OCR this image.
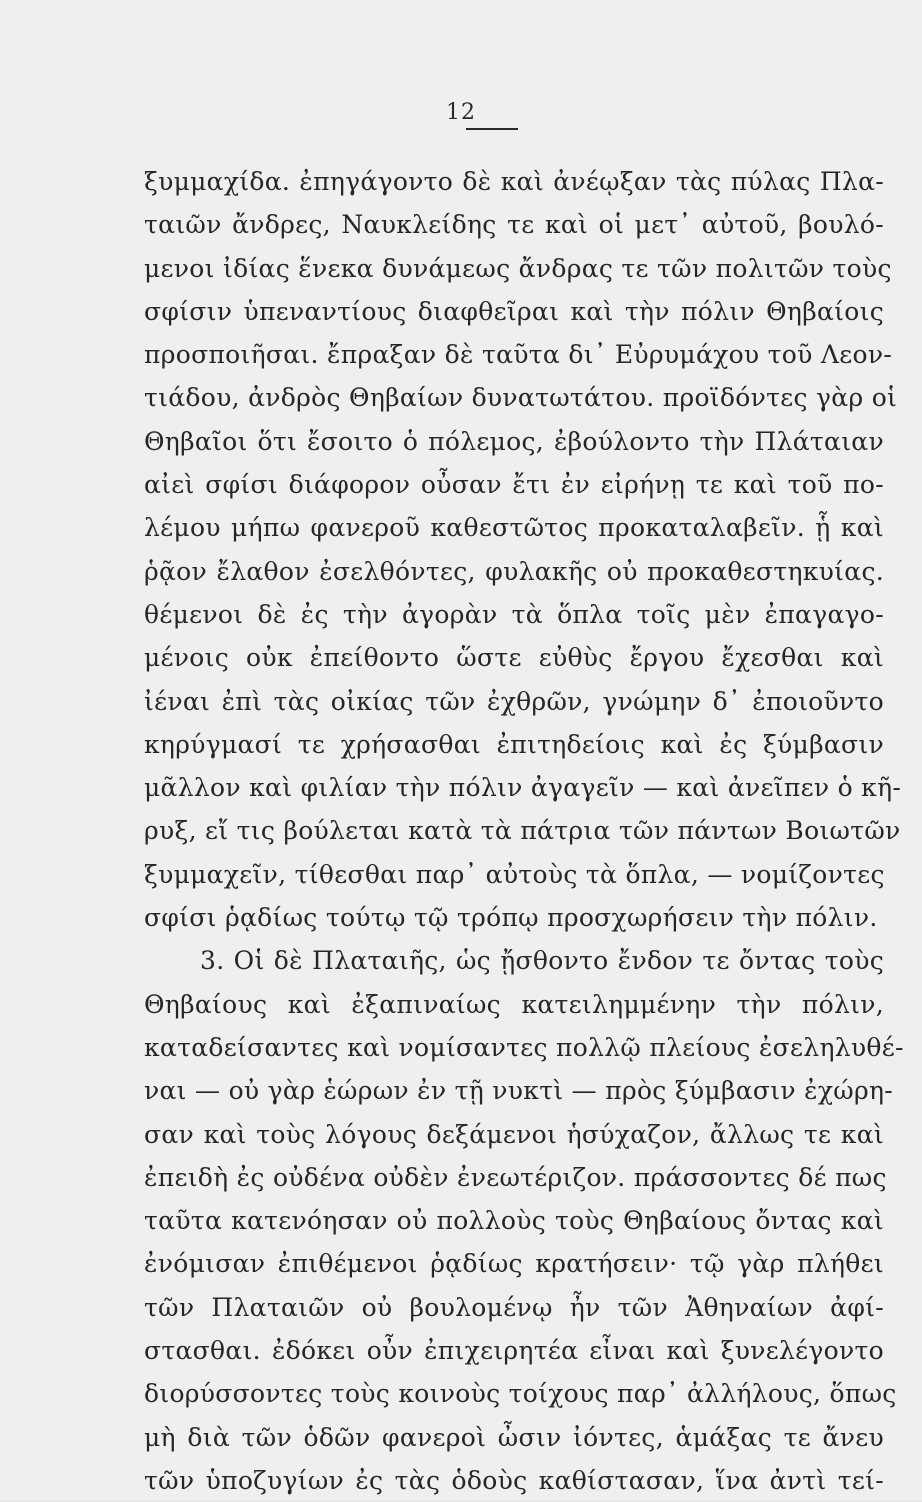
12
ξυμμαχίδα. ἐπηγάγοντο δὲ καὶ ἀνέῳξαν τὰς πύλας Πλα-
ταιῶν ἄνδρες, Ναυκλείδης τε καὶ οἱ μετ᾽ αὐτοῦ, βουλό-
μενοι ἰδίας ἕνεκα δυνάμεως ἄνδρας τε τῶν πολιτῶν τοὺς
σφίσιν ὑπεναντίους διαφθεῖραι καὶ τὴν πόλιν Θηβαίοις
προσποιῆσαι. ἔπραξαν δὲ ταῦτα δι᾽ Εὐρυμάχου τοῦ Λεον-
τιάδου, ἀνδρὸς Θηβαίων δυνατωτάτου. προϊδόντες γὰρ οἱ
Θηβαῖοι ὅτι ἔσοιτο ὁ πόλεμος, ἐβούλοντο τὴν Πλάταιαν
αἰεὶ σφίσι διάφορον οὖσαν ἔτι ἐν εἰρήνῃ τε καὶ τοῦ πο-
λέμου μήπω φανεροῦ καθεστῶτος προκαταλαβεῖν. ᾗ καὶ
ῥᾷον ἔλαθον ἐσελθόντες, φυλακῆς οὐ προκαθεστηκυίας.
θέμενοι δὲ ἐς τὴν ἀγορὰν τὰ ὅπλα τοῖς μὲν ἐπαγαγο-
μένοις οὐκ ἐπείθοντο ὥστε εὐθὺς ἔργου ἔχεσθαι καὶ
ἰέναι ἐπὶ τὰς οἰκίας τῶν ἐχθρῶν, γνώμην δ᾽ ἐποιοῦντο
κηρύγμασί τε χρήσασθαι ἐπιτηδείοις καὶ ἐς ξύμβασιν
μᾶλλον καὶ φιλίαν τὴν πόλιν ἀγαγεῖν — καὶ ἀνεῖπεν ὁ κῆ-
ρυξ, εἴ τις βούλεται κατὰ τὰ πάτρια τῶν πάντων Βοιωτῶν
ξυμμαχεῖν, τίθεσθαι παρ᾽ αὐτοὺς τὰ ὅπλα, — νομίζοντες
σφίσι ῥᾳδίως τούτῳ τῷ τρόπῳ προσχωρήσειν τὴν πόλιν.
3. Οἱ δὲ Πλαταιῆς, ὡς ᾔσθοντο ἔνδον τε ὄντας τοὺς
Θηβαίους καὶ ἐξαπιναίως κατειλημμένην τὴν πόλιν,
καταδείσαντες καὶ νομίσαντες πολλῷ πλείους ἐσεληλυθέ-
ναι — οὐ γὰρ ἑώρων ἐν τῇ νυκτὶ — πρὸς ξύμβασιν ἐχώρη-
σαν καὶ τοὺς λόγους δεξάμενοι ἡσύχαζον, ἄλλως τε καὶ
ἐπειδὴ ἐς οὐδένα οὐδὲν ἐνεωτέριζον. πράσσοντες δέ πως
ταῦτα κατενόησαν οὐ πολλοὺς τοὺς Θηβαίους ὄντας καὶ
ἐνόμισαν ἐπιθέμενοι ῥᾳδίως κρατήσειν· τῷ γὰρ πλήθει
τῶν Πλαταιῶν οὐ βουλομένῳ ἦν τῶν Ἀθηναίων ἀφί-
στασθαι. ἐδόκει οὖν ἐπιχειρητέα εἶναι καὶ ξυνελέγοντο
διορύσσοντες τοὺς κοινοὺς τοίχους παρ᾽ ἀλλήλους, ὅπως
μὴ διὰ τῶν ὁδῶν φανεροὶ ὦσιν ἰόντες, ἁμάξας τε ἄνευ
τῶν ὑποζυγίων ἐς τὰς ὁδοὺς καθίστασαν, ἵνα ἀντὶ τεί-
